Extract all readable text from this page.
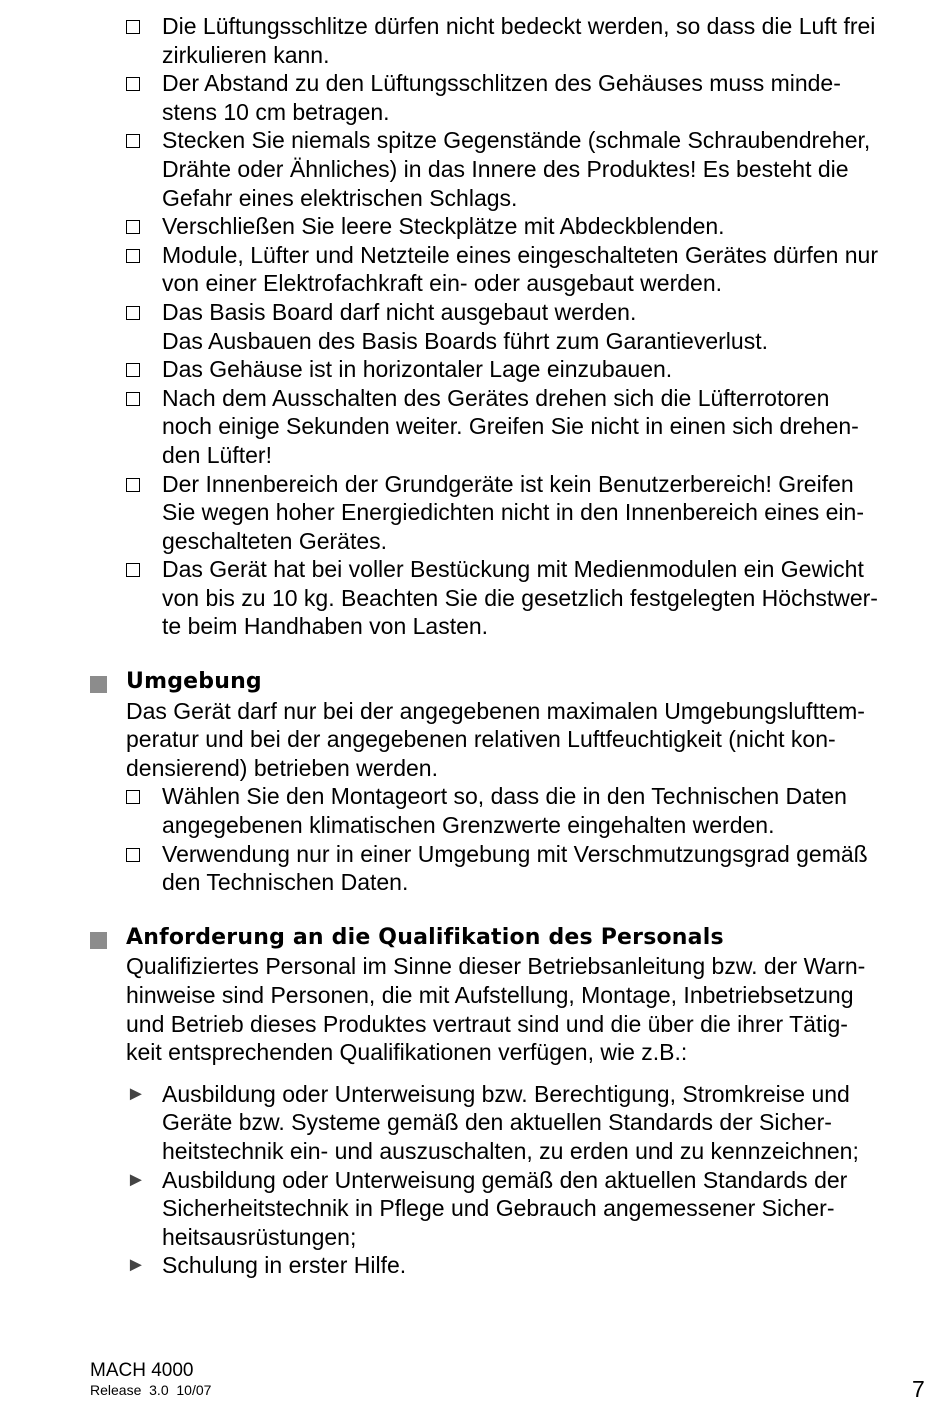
Die Lüftungsschlitze dürfen nicht bedeckt werden, so dass die Luft frei
zirkulieren kann.
Der Abstand zu den Lüftungsschlitzen des Gehäuses muss minde-
stens 10 cm betragen.
Stecken Sie niemals spitze Gegenstände (schmale Schraubendreher,
Drähte oder Ähnliches) in das Innere des Produktes! Es besteht die
Gefahr eines elektrischen Schlags.
Verschließen Sie leere Steckplätze mit Abdeckblenden.
Module, Lüfter und Netzteile eines eingeschalteten Gerätes dürfen nur
von einer Elektrofachkraft ein- oder ausgebaut werden.
Das Basis Board darf nicht ausgebaut werden.
Das Ausbauen des Basis Boards führt zum Garantieverlust.
Das Gehäuse ist in horizontaler Lage einzubauen.
Nach dem Ausschalten des Gerätes drehen sich die Lüfterrotoren
noch einige Sekunden weiter. Greifen Sie nicht in einen sich drehen-
den Lüfter!
Der Innenbereich der Grundgeräte ist kein Benutzerbereich! Greifen
Sie wegen hoher Energiedichten nicht in den Innenbereich eines ein-
geschalteten Gerätes.
Das Gerät hat bei voller Bestückung mit Medienmodulen ein Gewicht
von bis zu 10 kg. Beachten Sie die gesetzlich festgelegten Höchstwer-
te beim Handhaben von Lasten.
Umgebung
Das Gerät darf nur bei der angegebenen maximalen Umgebungslufttem-
peratur und bei der angegebenen relativen Luftfeuchtigkeit (nicht kon-
densierend) betrieben werden.
Wählen Sie den Montageort so, dass die in den Technischen Daten
angegebenen klimatischen Grenzwerte eingehalten werden.
Verwendung nur in einer Umgebung mit Verschmutzungsgrad gemäß
den Technischen Daten.
Anforderung an die Qualifikation des Personals
Qualifiziertes Personal im Sinne dieser Betriebsanleitung bzw. der Warn-
hinweise sind Personen, die mit Aufstellung, Montage, Inbetriebsetzung
und Betrieb dieses Produktes vertraut sind und die über die ihrer Tätig-
keit entsprechenden Qualifikationen verfügen, wie z.B.:
► Ausbildung oder Unterweisung bzw. Berechtigung, Stromkreise und
Geräte bzw. Systeme gemäß den aktuellen Standards der Sicher-
heitstechnik ein- und auszuschalten, zu erden und zu kennzeichnen;
► Ausbildung oder Unterweisung gemäß den aktuellen Standards der
Sicherheitstechnik in Pflege und Gebrauch angemessener Sicher-
heitsausrüstungen;
► Schulung in erster Hilfe.
MACH 4000
Release  3.0  10/07	7
